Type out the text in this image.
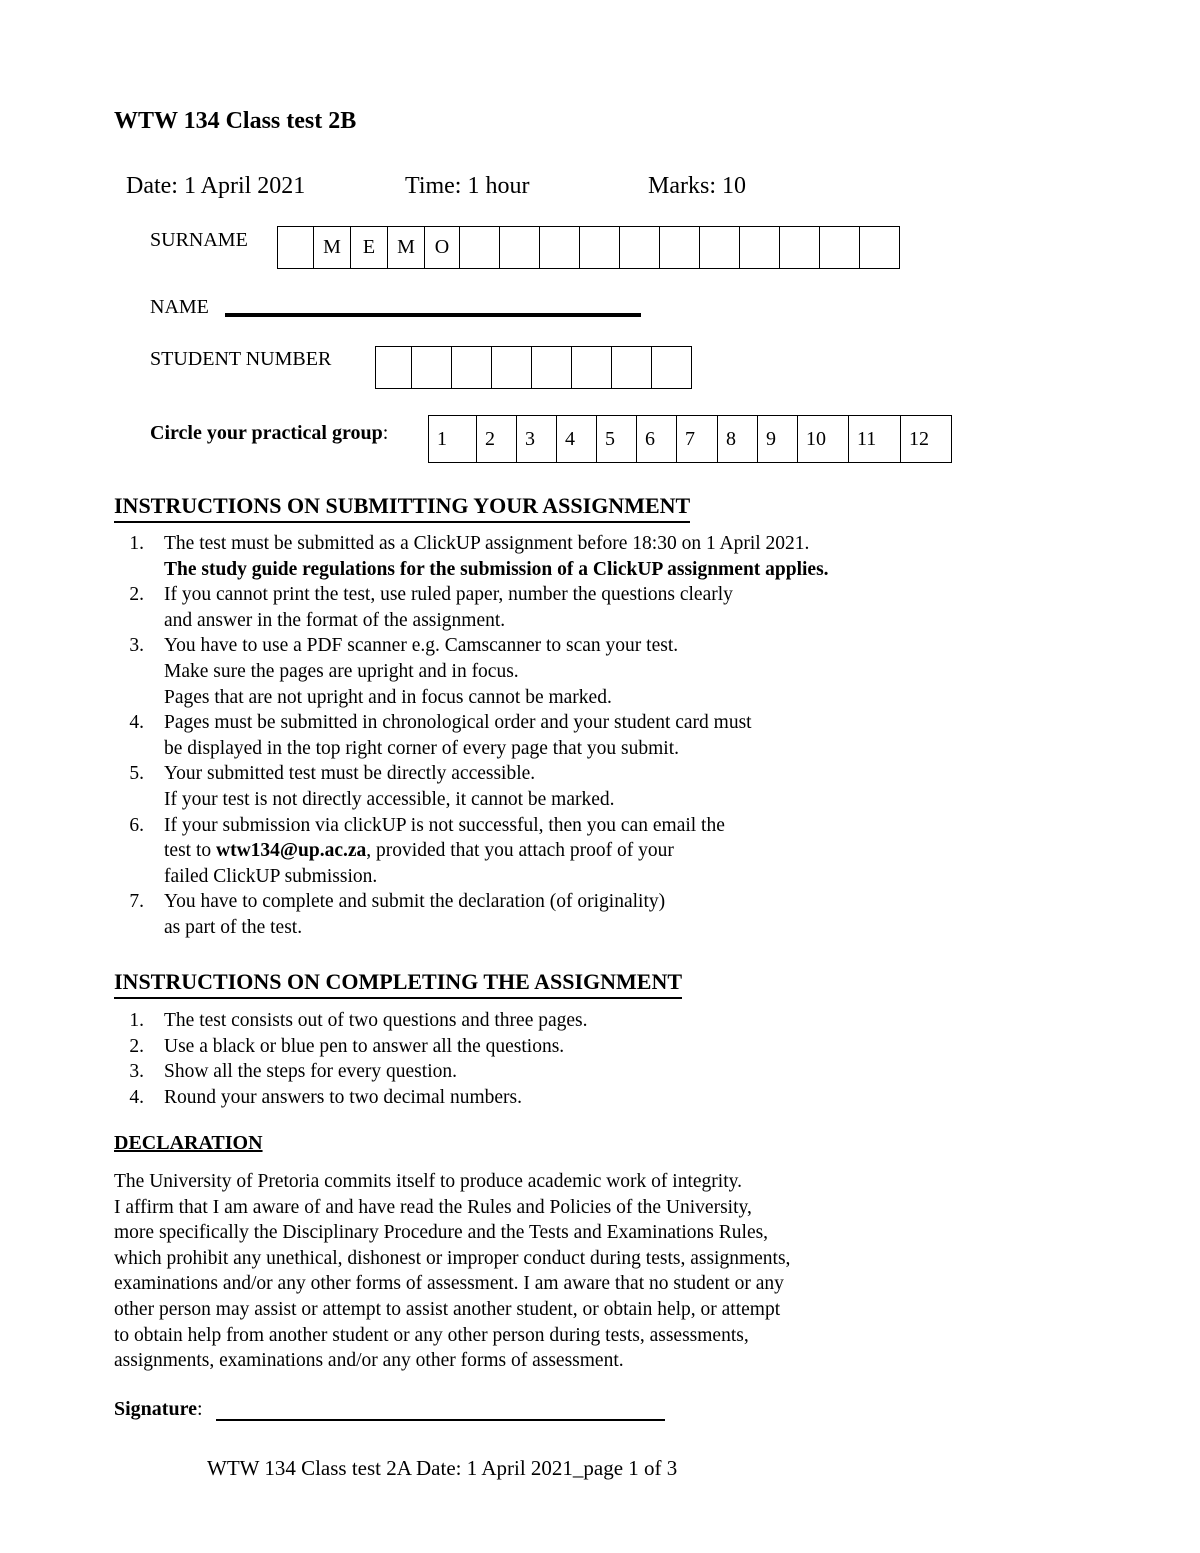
WTW 134 Class test 2B
Date: 1 April 2021	Time: 1 hour	Marks: 10
SURNAME
		M	E	M	O											
NAME
STUDENT NUMBER

Circle your practical group: 1	2	3	4	5	6	7	8	9	10	11	12
INSTRUCTIONS ON SUBMITTING YOUR ASSIGNMENT
1. The test must be submitted as a ClickUP assignment before 18:30 on 1 April 2021.
The study guide regulations for the submission of a ClickUP assignment applies.
2. If you cannot print the test, use ruled paper, number the questions clearly
and answer in the format of the assignment.
3. You have to use a PDF scanner e.g. Camscanner to scan your test.
Make sure the pages are upright and in focus.
Pages that are not upright and in focus cannot be marked.
4. Pages must be submitted in chronological order and your student card must
be displayed in the top right corner of every page that you submit.
5. Your submitted test must be directly accessible.
If your test is not directly accessible, it cannot be marked.
6. If your submission via clickUP is not successful, then you can email the
test to wtw134@up.ac.za, provided that you attach proof of your
failed ClickUP submission.
7. You have to complete and submit the declaration (of originality)
as part of the test.
INSTRUCTIONS ON COMPLETING THE ASSIGNMENT
1. The test consists out of two questions and three pages.
2. Use a black or blue pen to answer all the questions.
3. Show all the steps for every question.
4. Round your answers to two decimal numbers.
DECLARATION
The University of Pretoria commits itself to produce academic work of integrity.
I affirm that I am aware of and have read the Rules and Policies of the University,
more specifically the Disciplinary Procedure and the Tests and Examinations Rules,
which prohibit any unethical, dishonest or improper conduct during tests, assignments,
examinations and/or any other forms of assessment. I am aware that no student or any
other person may assist or attempt to assist another student, or obtain help, or attempt
to obtain help from another student or any other person during tests, assessments,
assignments, examinations and/or any other forms of assessment.
Signature:
WTW 134 Class test 2A Date: 1 April 2021_page 1 of 3
